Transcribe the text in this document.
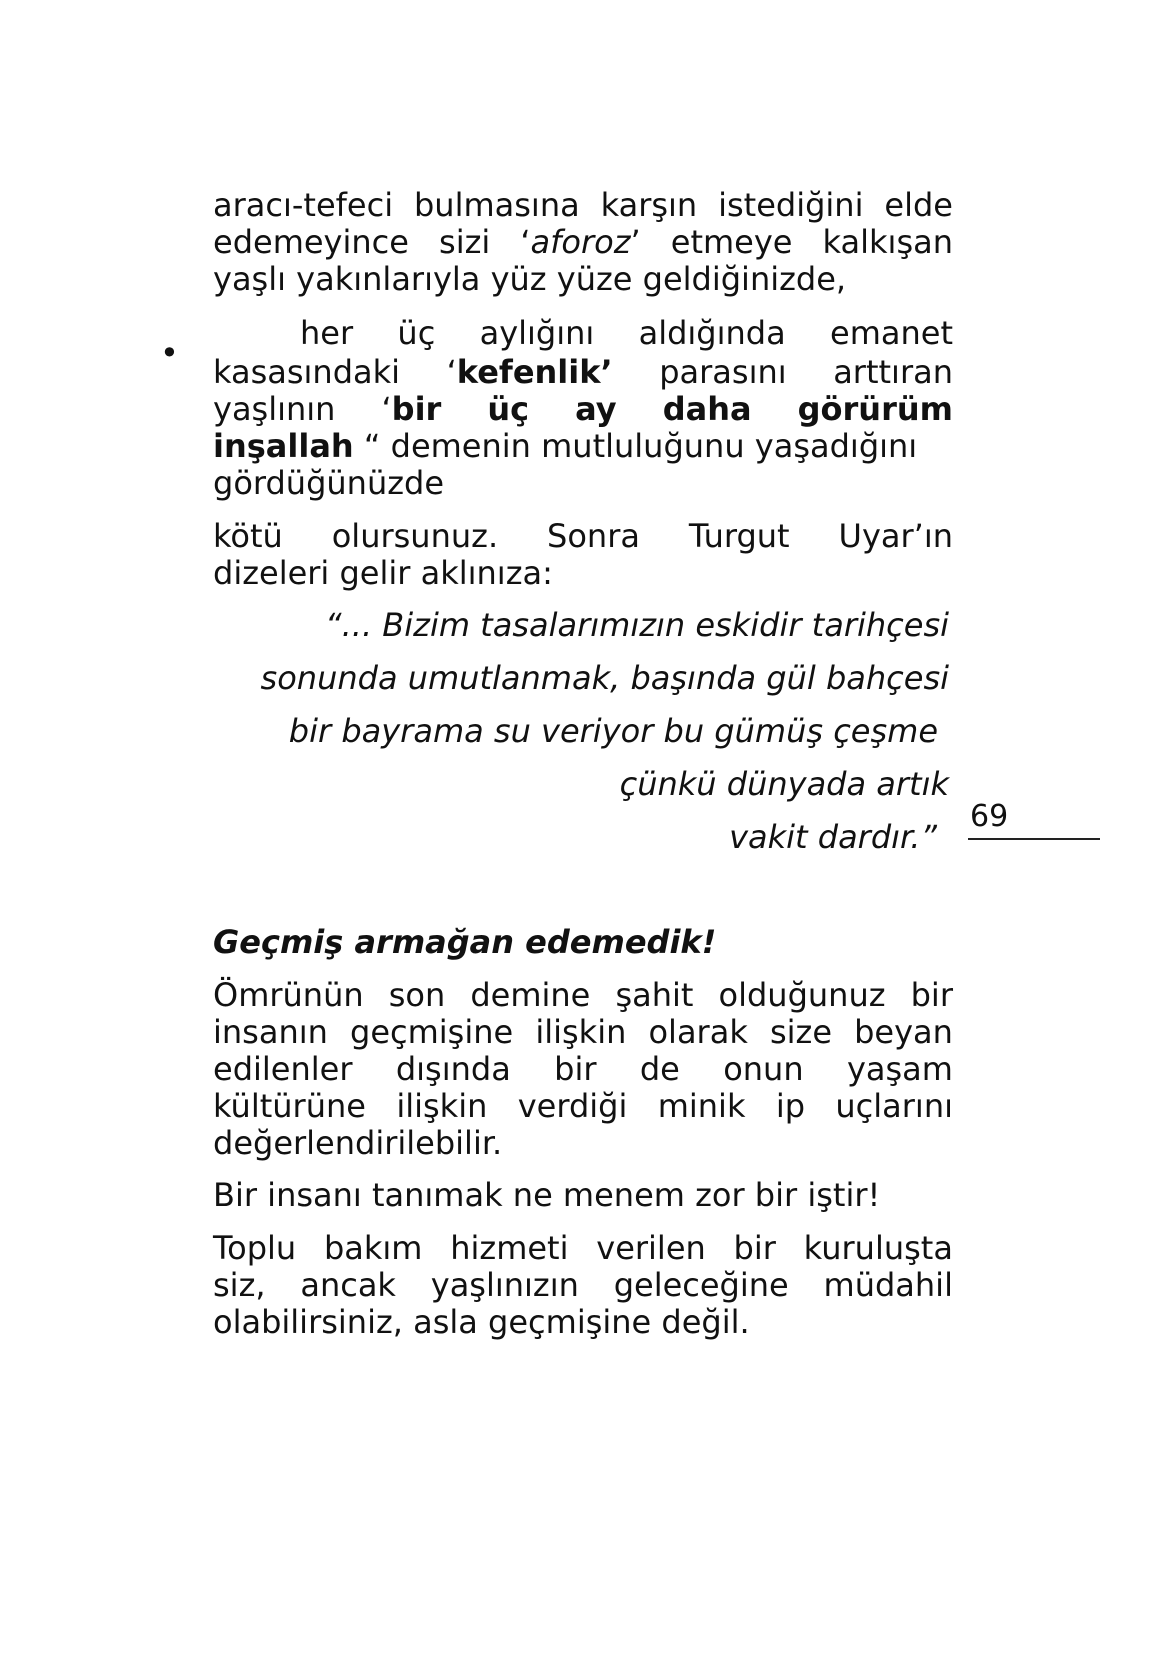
aracı-tefeci bulmasına karşın istediğini elde
edemeyince sizi ‘aforoz’ etmeye kalkışan
yaşlı yakınlarıyla yüz yüze geldiğinizde,
•
her üç aylığını aldığında emanet
kasasındaki ‘kefenlik’ parasını arttıran
yaşlının ‘bir üç ay daha görürüm
inşallah “ demenin mutluluğunu yaşadığını
gördüğünüzde
kötü olursunuz. Sonra Turgut Uyar’ın
dizeleri gelir aklınıza:
“... Bizim tasalarımızın eskidir tarihçesi
sonunda umutlanmak, başında gül bahçesi
bir bayrama su veriyor bu gümüş çeşme
çünkü dünyada artık
vakit dardır.”
69
Geçmiş armağan edemedik!
Ömrünün son demine şahit olduğunuz bir
insanın geçmişine ilişkin olarak size beyan
edilenler dışında bir de onun yaşam
kültürüne ilişkin verdiği minik ip uçlarını
değerlendirilebilir.
Bir insanı tanımak ne menem zor bir iştir!
Toplu bakım hizmeti verilen bir kuruluşta
siz, ancak yaşlınızın geleceğine müdahil
olabilirsiniz, asla geçmişine değil.
